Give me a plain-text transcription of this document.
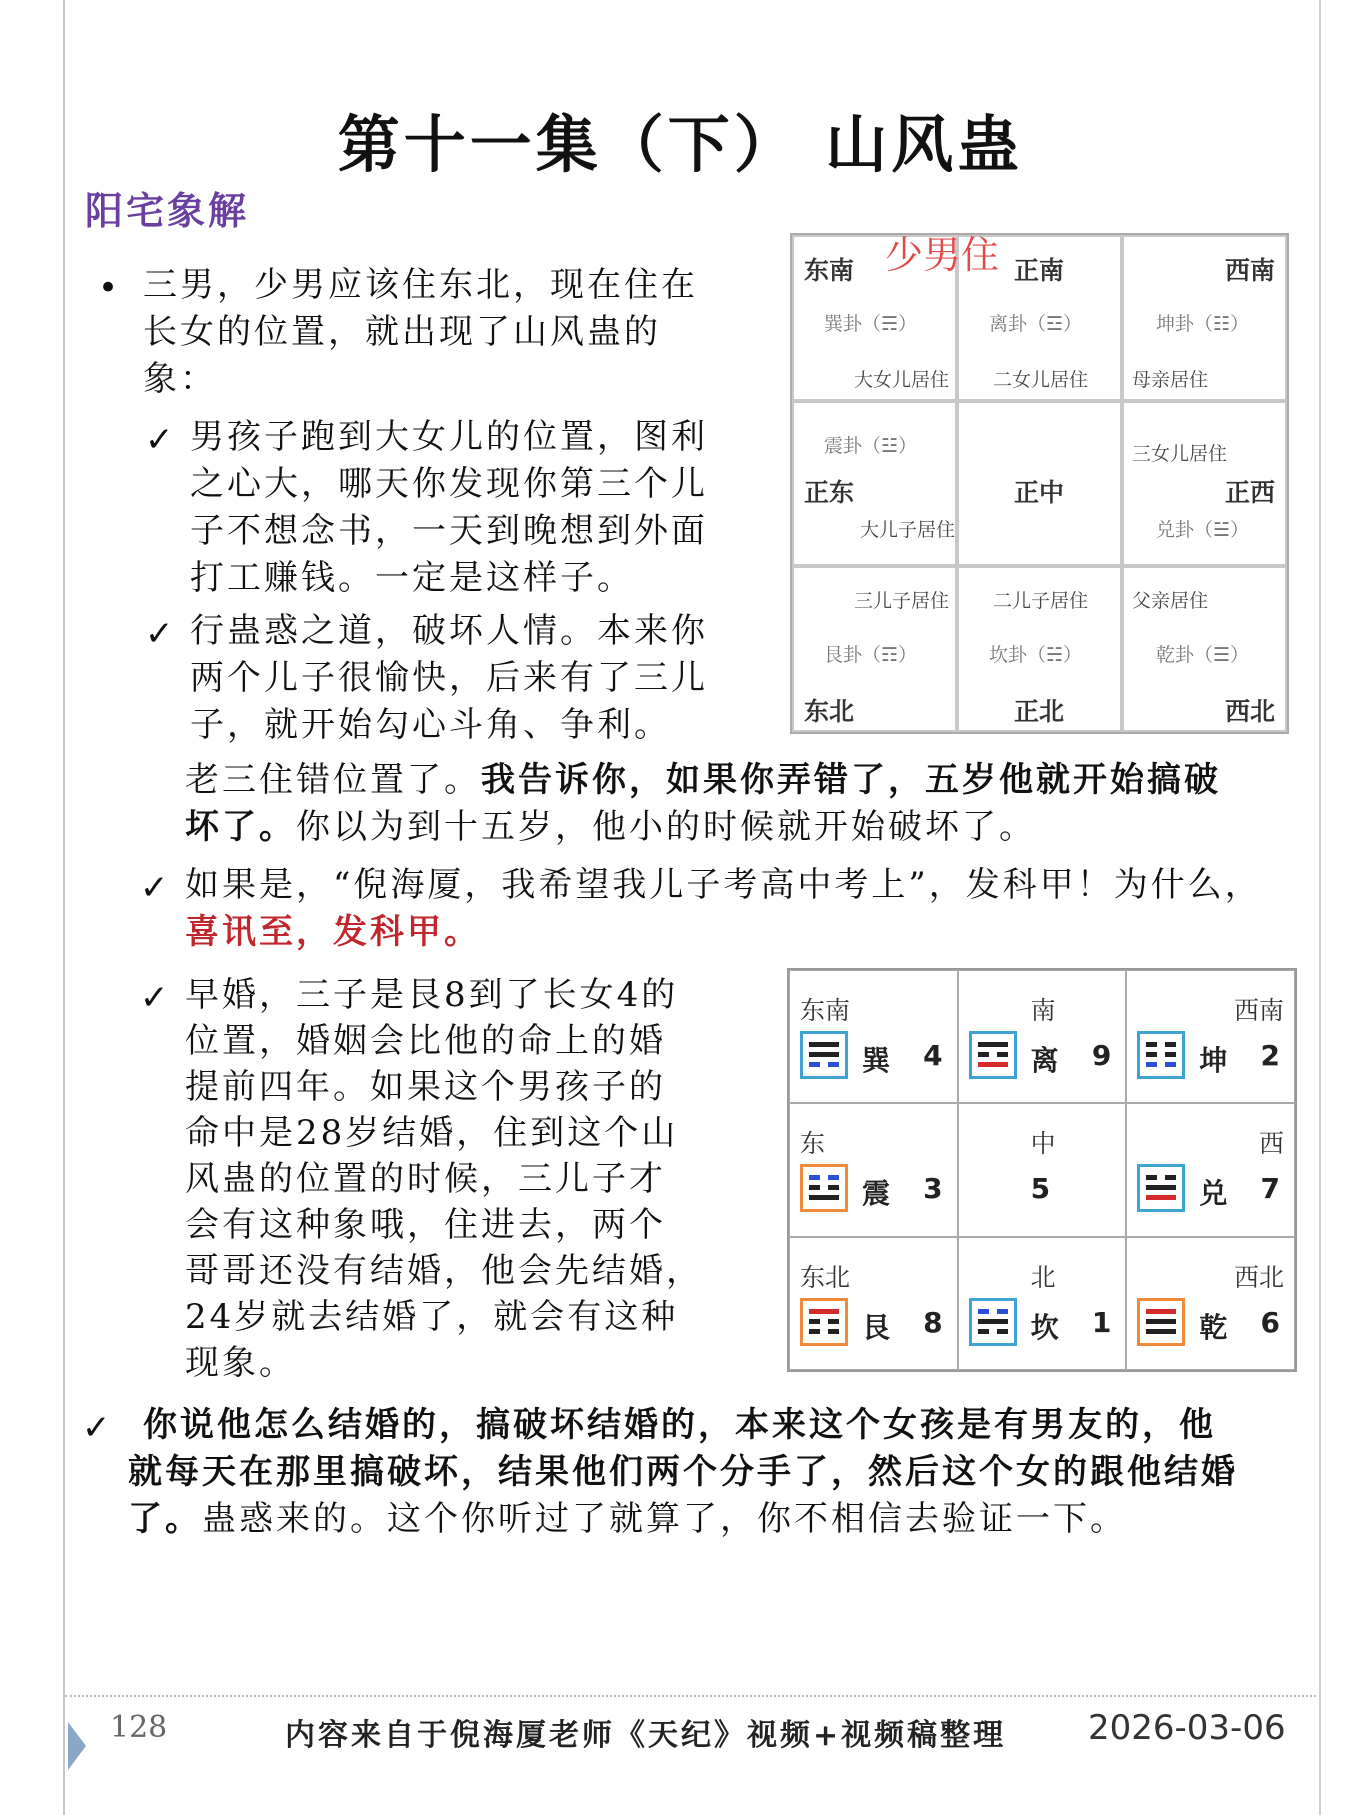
第十一集（下） 山风蛊
阳宅象解
• 三男，少男应该住东北，现在住在
长女的位置，就出现了山风蛊的
象：
✓ 男孩子跑到大女儿的位置，图利
之心大，哪天你发现你第三个儿
子不想念书，一天到晚想到外面
打工赚钱。一定是这样子。
✓ 行蛊惑之道，破坏人情。本来你
两个儿子很愉快，后来有了三儿
子，就开始勾心斗角、争利。
老三住错位置了。我告诉你，如果你弄错了，五岁他就开始搞破
坏了。你以为到十五岁，他小的时候就开始破坏了。
✓ 如果是，“倪海厦，我希望我儿子考高中考上”，发科甲！为什么，
喜讯至，发科甲。
✓ 早婚，三子是艮8到了长女4的
位置，婚姻会比他的命上的婚
提前四年。如果这个男孩子的
命中是28岁结婚，住到这个山
风蛊的位置的时候，三儿子才
会有这种象哦，住进去，两个
哥哥还没有结婚，他会先结婚，
24岁就去结婚了，就会有这种
现象。
✓ 你说他怎么结婚的，搞破坏结婚的，本来这个女孩是有男友的，他
就每天在那里搞破坏，结果他们两个分手了，然后这个女的跟他结婚
了。蛊惑来的。这个你听过了就算了，你不相信去验证一下。
东南
巽卦（☴）
大女儿居住
正南
离卦（☲）
二女儿居住
西南
坤卦（☷）
母亲居住
震卦（☳）
正东
大儿子居住
正中
三女儿居住
正西
兑卦（☱）
三儿子居住
艮卦（☶）
东北
二儿子居住
坎卦（☵）
正北
父亲居住
乾卦（☰）
西北
少男住
东南
巽 4
南
离 9
西南
坤 2
东
震 3
中
5
西
兑 7
东北
艮 8
北
坎 1
西北
乾 6
128	内容来自于倪海厦老师《天纪》视频+视频稿整理 2026-03-06
